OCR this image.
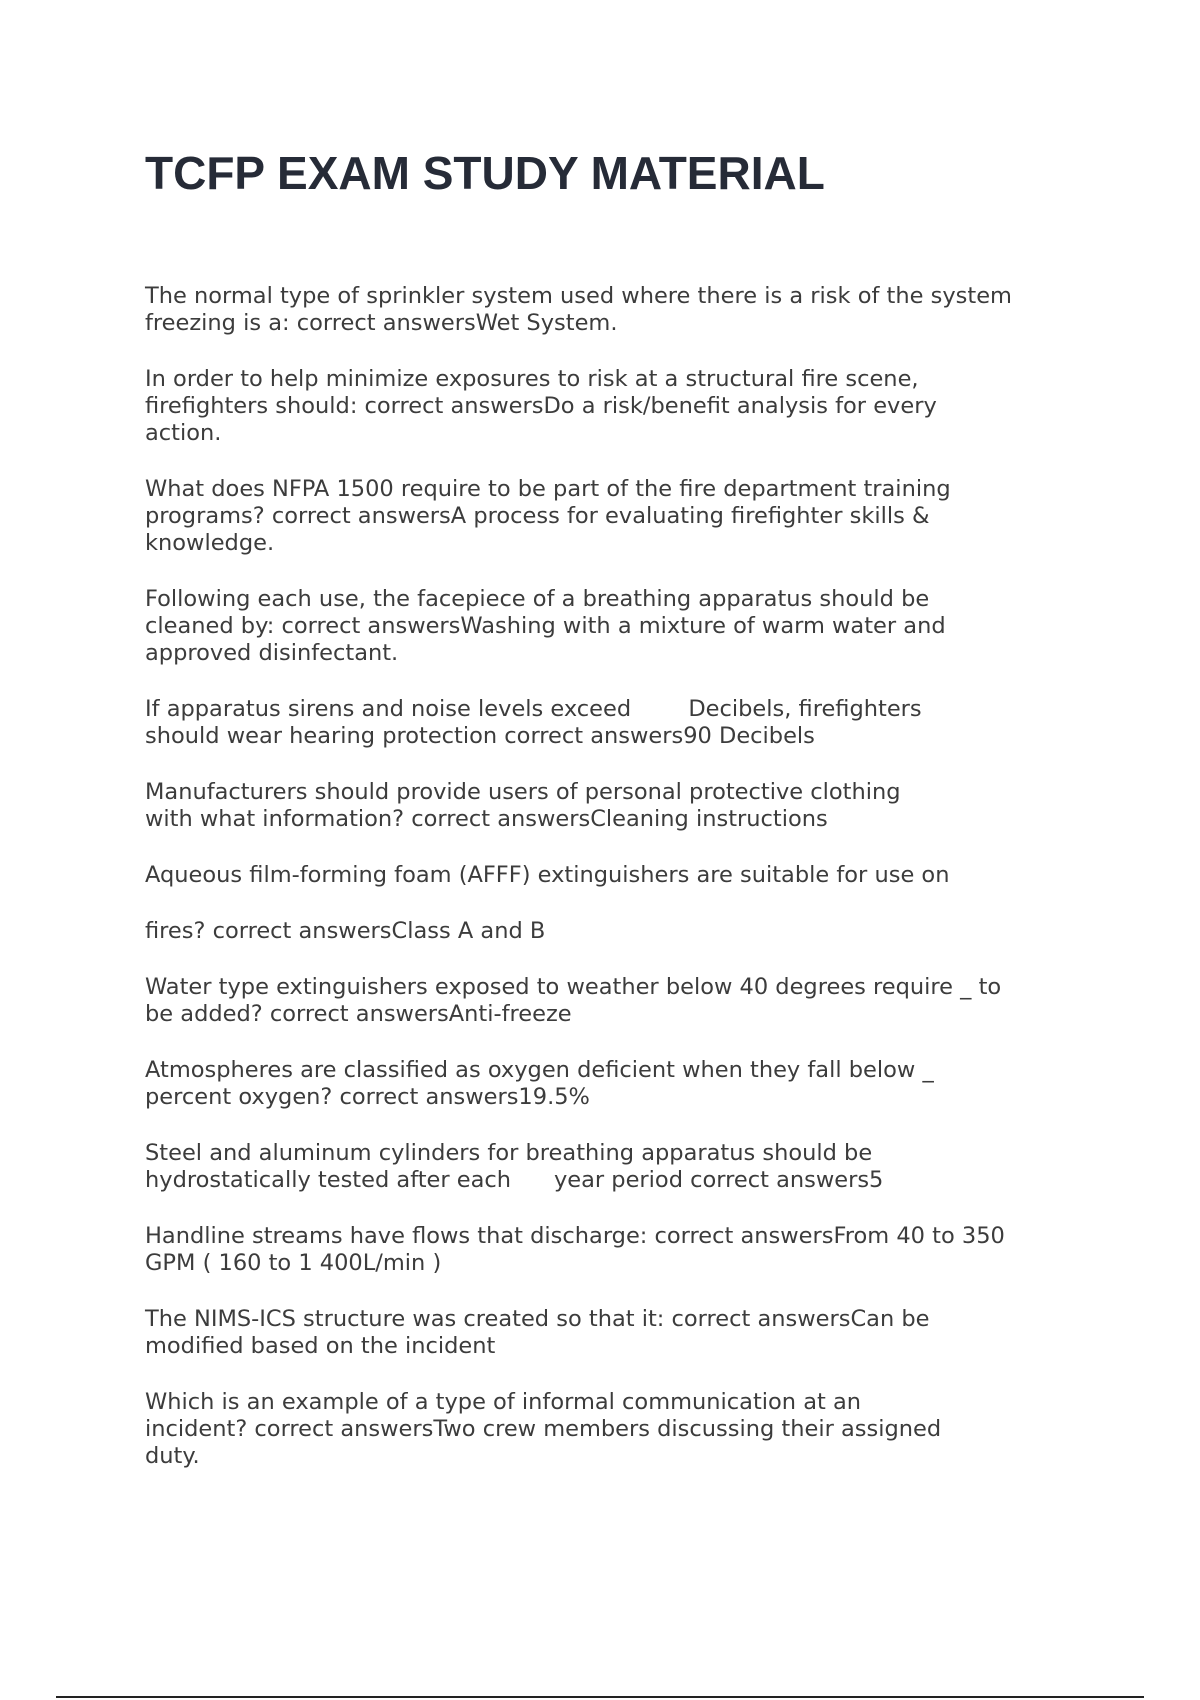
TCFP EXAM STUDY MATERIAL

The normal type of sprinkler system used where there is a risk of the system
freezing is a: correct answersWet System.

In order to help minimize exposures to risk at a structural fire scene,
firefighters should: correct answersDo a risk/benefit analysis for every
action.

What does NFPA 1500 require to be part of the fire department training
programs? correct answersA process for evaluating firefighter skills &
knowledge.

Following each use, the facepiece of a breathing apparatus should be
cleaned by: correct answersWashing with a mixture of warm water and
approved disinfectant.

If apparatus sirens and noise levels exceed        Decibels, firefighters
should wear hearing protection correct answers90 Decibels

Manufacturers should provide users of personal protective clothing
with what information? correct answersCleaning instructions

Aqueous film-forming foam (AFFF) extinguishers are suitable for use on

fires? correct answersClass A and B

Water type extinguishers exposed to weather below 40 degrees require _ to
be added? correct answersAnti-freeze

Atmospheres are classified as oxygen deficient when they fall below _
percent oxygen? correct answers19.5%

Steel and aluminum cylinders for breathing apparatus should be
hydrostatically tested after each      year period correct answers5

Handline streams have flows that discharge: correct answersFrom 40 to 350
GPM ( 160 to 1 400L/min )

The NIMS-ICS structure was created so that it: correct answersCan be
modified based on the incident

Which is an example of a type of informal communication at an
incident? correct answersTwo crew members discussing their assigned
duty.
